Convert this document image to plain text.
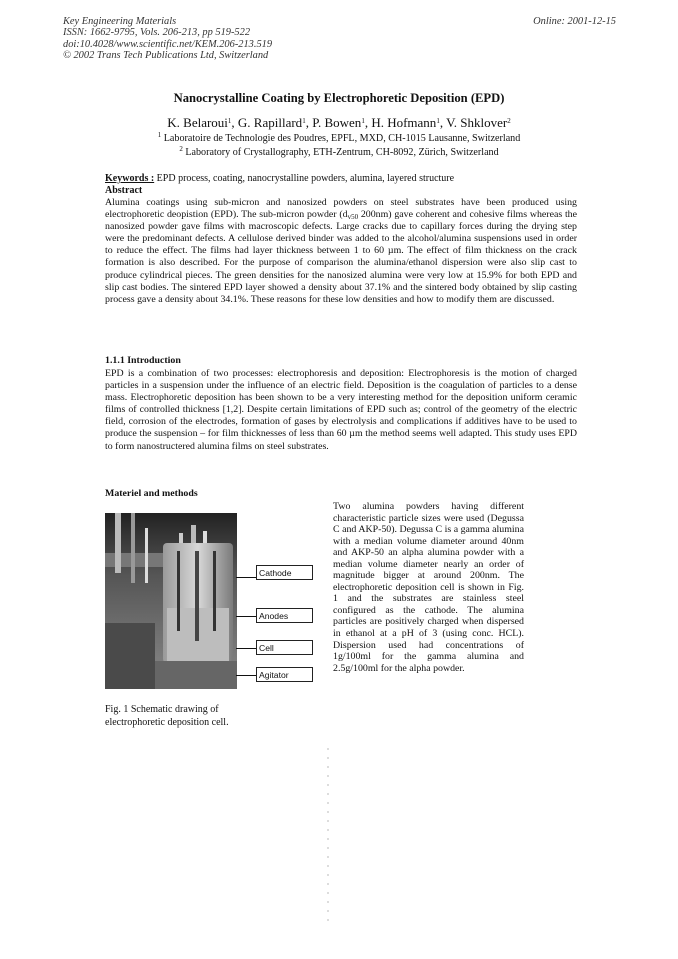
Key Engineering Materials
ISSN: 1662-9795, Vols. 206-213, pp 519-522
doi:10.4028/www.scientific.net/KEM.206-213.519
© 2002 Trans Tech Publications Ltd, Switzerland
Online: 2001-12-15
Nanocrystalline Coating by Electrophoretic Deposition (EPD)
K. Belaroui$^1$, G. Rapillard$^1$, P. Bowen$^1$, H. Hofmann$^1$, V. Shklover$^2$
$^1$ Laboratoire de Technologie des Poudres, EPFL, MXD, CH-1015 Lausanne, Switzerland
$^2$ Laboratory of Crystallography, ETH-Zentrum, CH-8092, Zürich, Switzerland
Keywords : EPD process, coating, nanocrystalline powders, alumina, layered structure
Abstract
Alumina coatings using sub-micron and nanosized powders on steel substrates have been produced using electrophoretic deopistion (EPD). The sub-micron powder ($d_{v50}$ 200nm) gave coherent and cohesive films whereas the nanosized powder gave films with macroscopic defects. Large cracks due to capillary forces during the drying step were the predominant defects. A cellulose derived binder was added to the alcohol/alumina suspensions used in order to reduce the effect. The films had layer thickness between 1 to 60 µm. The effect of film thickness on the crack formation is also described. For the purpose of comparison the alumina/ethanol dispersion were also slip cast to produce cylindrical pieces. The green densities for the nanosized alumina were very low at 15.9% for both EPD and slip cast bodies. The sintered EPD layer showed a density about 37.1% and the sintered body obtained by slip casting process gave a density about 34.1%. These reasons for these low densities and how to modify them are discussed.
1.1.1 Introduction
EPD is a combination of two processes: electrophoresis and deposition: Electrophoresis is the motion of charged particles in a suspension under the influence of an electric field. Deposition is the coagulation of particles to a dense mass. Electrophoretic deposition has been shown to be a very interesting method for the deposition uniform ceramic films of controlled thickness [1,2]. Despite certain limitations of EPD such as; control of the geometry of the electric field, corrosion of the electrodes, formation of gases by electrolysis and complications if additives have to be used to produce the suspension – for film thicknesses of less than 60 µm the method seems well adapted. This study uses EPD to form nanostructered alumina films on steel substrates.
Materiel and methods
Cathode
Anodes
Cell
Agitator
Fig. 1 Schematic drawing of
electrophoretic deposition cell.
Two alumina powders having different characteristic particle sizes were used (Degussa C and AKP-50). Degussa C is a gamma alumina with a median volume diameter around 40nm and AKP-50 an alpha alumina powder with a median volume diameter nearly an order of magnitude bigger at around 200nm. The electrophoretic deposition cell is shown in Fig. 1 and the substrates are stainless steel configured as the cathode. The alumina particles are positively charged when dispersed in ethanol at a pH of 3 (using conc. HCL). Dispersion used had concentrations of 1g/100ml for the gamma alumina and 2.5g/100ml for the alpha powder.
